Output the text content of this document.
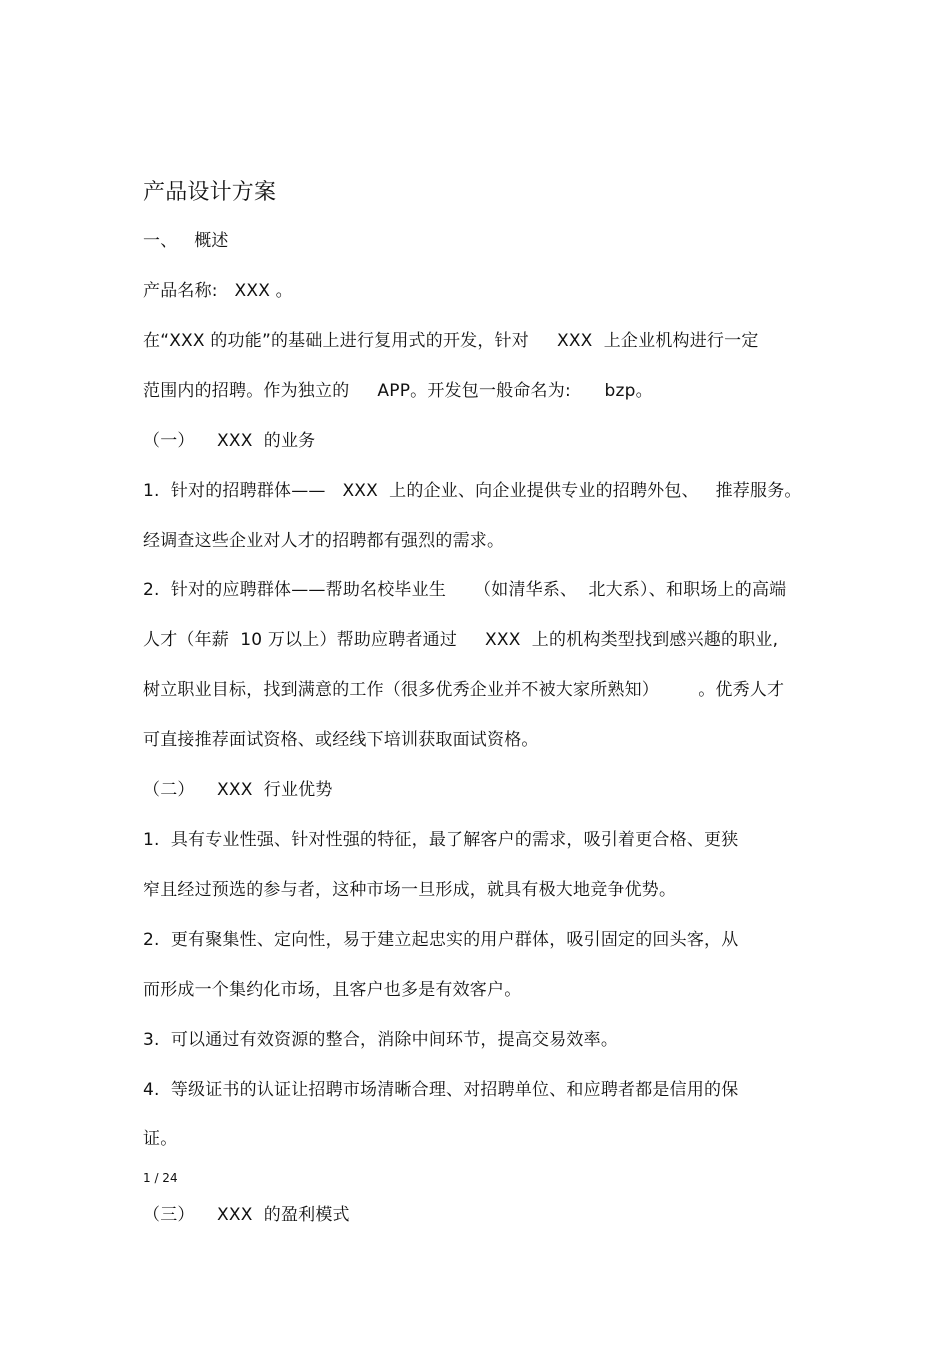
产品设计方案
一、   概述
产品名称:   XXX 。
在“XXX 的功能”的基础上进行复用式的开发，针对     XXX  上企业机构进行一定
范围内的招聘。作为独立的     APP。开发包一般命名为:      bzp。
（一）    XXX  的业务
1.  针对的招聘群体——   XXX  上的企业、向企业提供专业的招聘外包、   推荐服务。
经调查这些企业对人才的招聘都有强烈的需求。
2.  针对的应聘群体——帮助名校毕业生     （如清华系、  北大系）、和职场上的高端
人才（年薪  10 万以上）帮助应聘者通过     XXX  上的机构类型找到感兴趣的职业,
树立职业目标，找到满意的工作（很多优秀企业并不被大家所熟知）       。优秀人才
可直接推荐面试资格、或经线下培训获取面试资格。
（二）    XXX  行业优势
1.  具有专业性强、针对性强的特征，最了解客户的需求，吸引着更合格、更狭
窄且经过预选的参与者，这种市场一旦形成，就具有极大地竞争优势。
2.  更有聚集性、定向性，易于建立起忠实的用户群体，吸引固定的回头客，从
而形成一个集约化市场，且客户也多是有效客户。
3.  可以通过有效资源的整合，消除中间环节，提高交易效率。
4.  等级证书的认证让招聘市场清晰合理、对招聘单位、和应聘者都是信用的保
证。
1 / 24
（三）    XXX  的盈利模式
